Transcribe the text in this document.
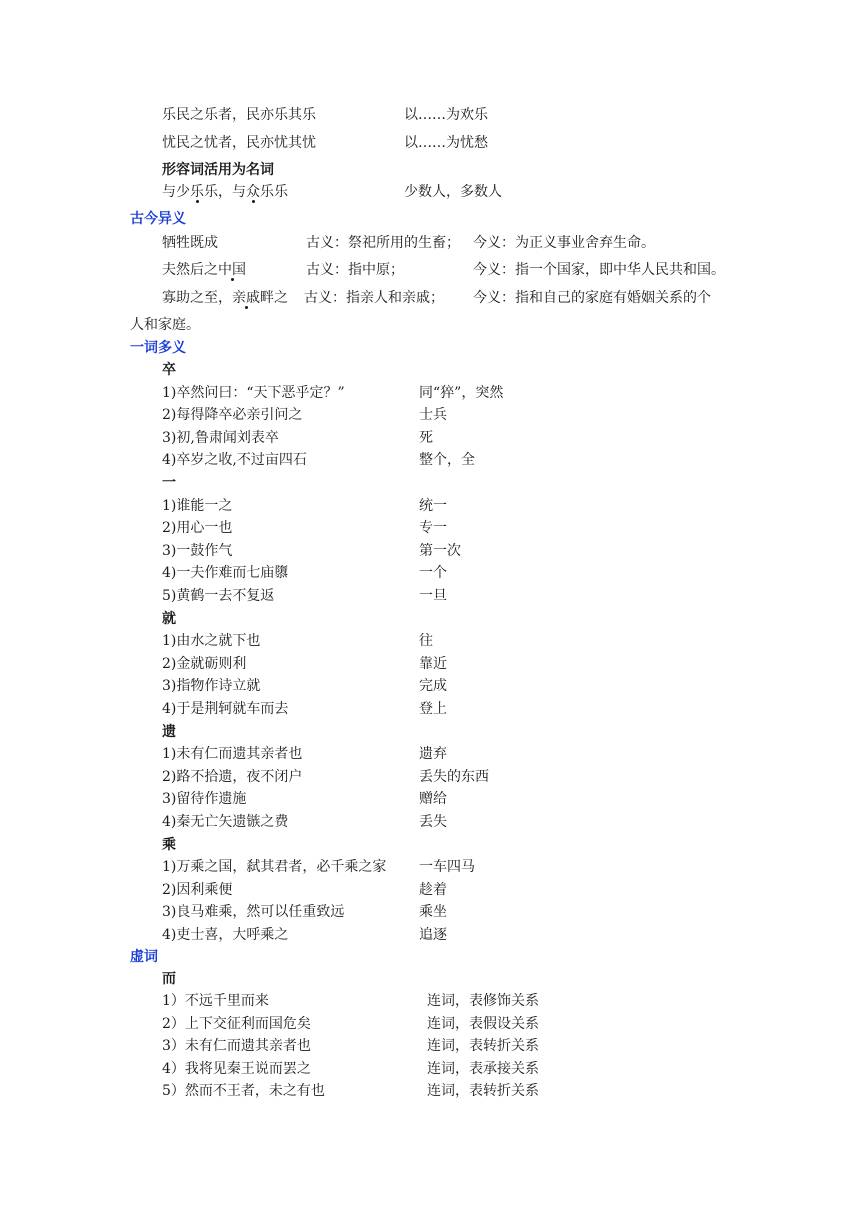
乐民之乐者，民亦乐其乐	以……为欢乐
忧民之忧者，民亦忧其忧	以……为忧愁
形容词活用为名词
与少乐乐，与众乐乐	少数人，多数人
古今异义
牺牲既成	古义：祭祀所用的生畜； 今义：为正义事业舍弃生命。
夫然后之中国	古义：指中原；	今义：指一个国家，即中华人民共和国。
寡助之至，亲戚畔之 古义：指亲人和亲戚； 今义：指和自己的家庭有婚姻关系的个
人和家庭。
一词多义
卒
1)卒然问曰：“天下恶乎定？”	同“猝”，突然
2)每得降卒必亲引问之	士兵
3)初,鲁肃闻刘表卒	死
4)卒岁之收,不过亩四石	整个，全
一
1)谁能一之	统一
2)用心一也	专一
3)一鼓作气	第一次
4)一夫作难而七庙隳	一个
5)黄鹤一去不复返	一旦
就
1)由水之就下也	往
2)金就砺则利	靠近
3)指物作诗立就	完成
4)于是荆轲就车而去	登上
遗
1)未有仁而遗其亲者也	遗弃
2)路不拾遗，夜不闭户	丢失的东西
3)留待作遗施	赠给
4)秦无亡矢遗镞之费	丢失
乘
1)万乘之国，弑其君者，必千乘之家 一车四马
2)因利乘便	趁着
3)良马难乘，然可以任重致远	乘坐
4)吏士喜，大呼乘之	追逐
虚词
而
1）不远千里而来	连词，表修饰关系
2）上下交征利而国危矣	连词，表假设关系
3）未有仁而遗其亲者也	连词，表转折关系
4）我将见秦王说而罢之	连词，表承接关系
5）然而不王者，未之有也	连词，表转折关系
